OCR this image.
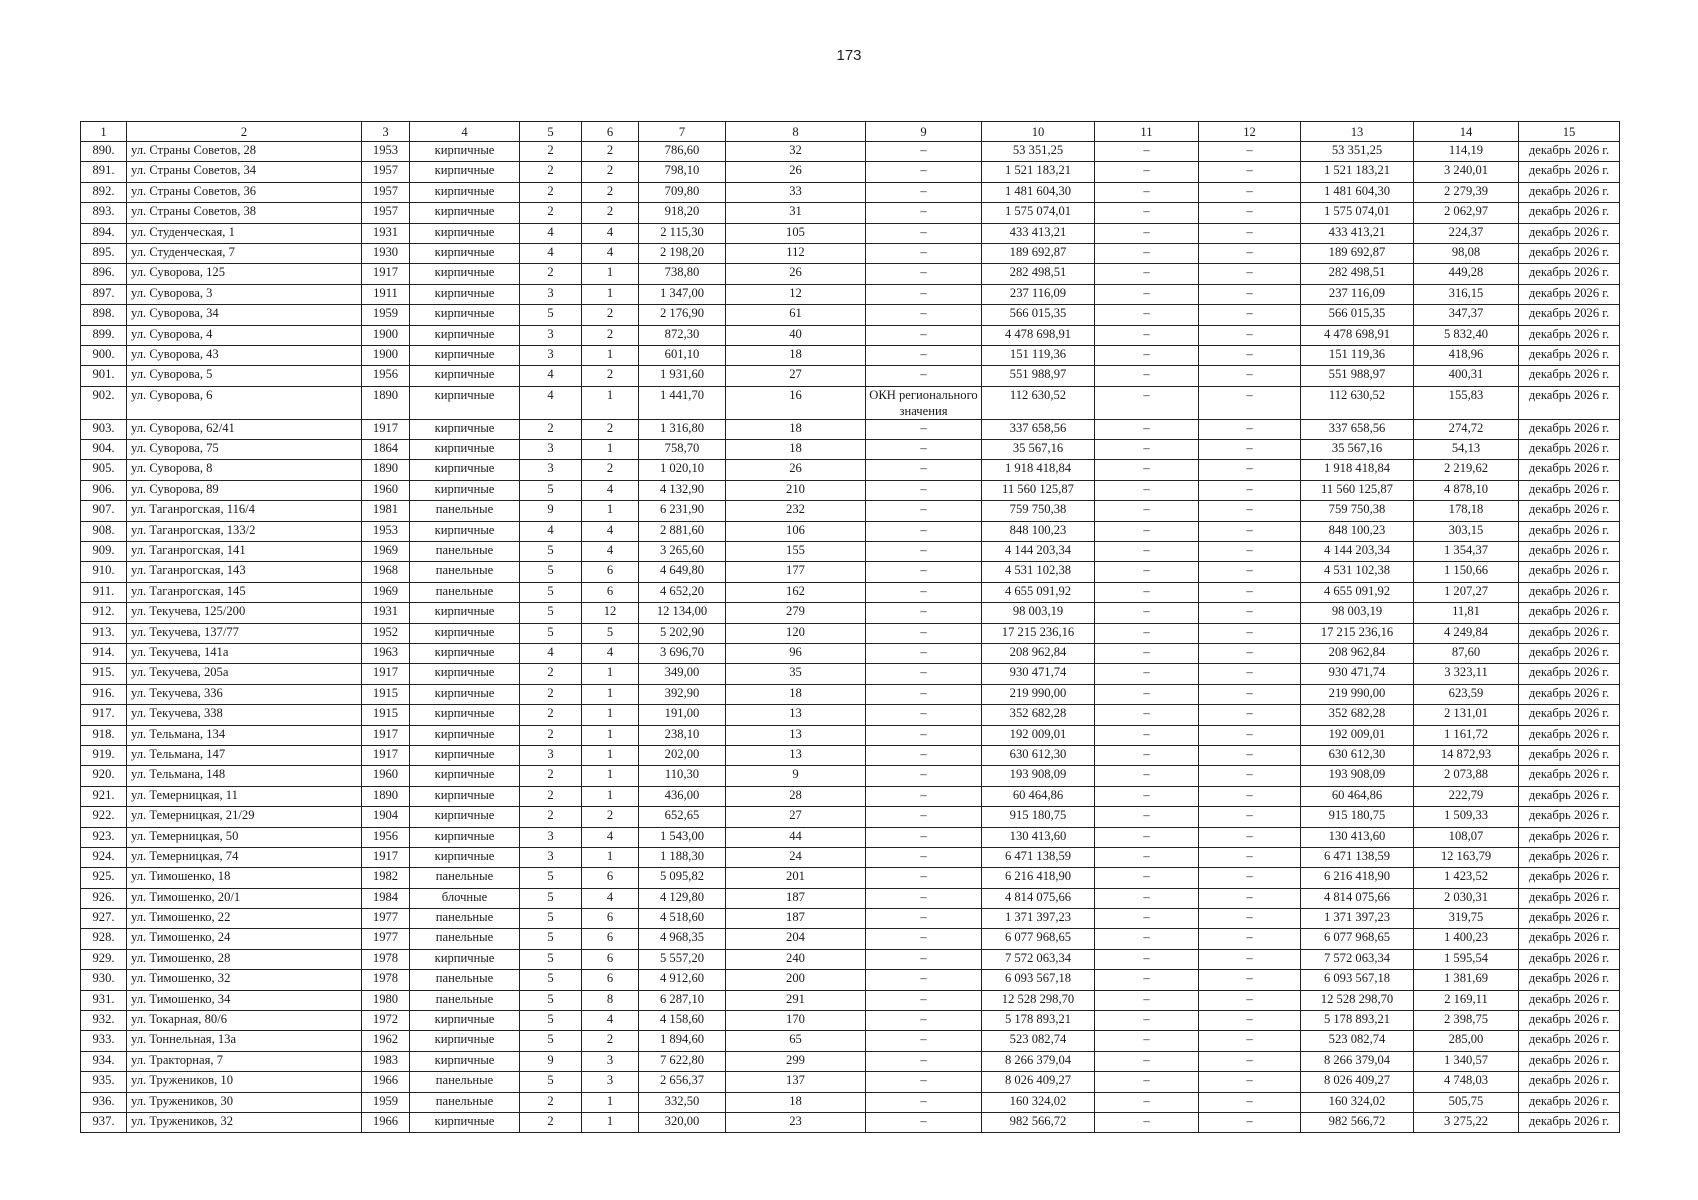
173
1	2	3	4	5	6	7	8	9	10	11	12	13	14	15
890.	ул. Страны Советов, 28	1953	кирпичные	2	2	786,60	32	–	53 351,25	–	–	53 351,25	114,19	декабрь 2026 г.
891.	ул. Страны Советов, 34	1957	кирпичные	2	2	798,10	26	–	1 521 183,21	–	–	1 521 183,21	3 240,01	декабрь 2026 г.
892.	ул. Страны Советов, 36	1957	кирпичные	2	2	709,80	33	–	1 481 604,30	–	–	1 481 604,30	2 279,39	декабрь 2026 г.
893.	ул. Страны Советов, 38	1957	кирпичные	2	2	918,20	31	–	1 575 074,01	–	–	1 575 074,01	2 062,97	декабрь 2026 г.
894.	ул. Студенческая, 1	1931	кирпичные	4	4	2 115,30	105	–	433 413,21	–	–	433 413,21	224,37	декабрь 2026 г.
895.	ул. Студенческая, 7	1930	кирпичные	4	4	2 198,20	112	–	189 692,87	–	–	189 692,87	98,08	декабрь 2026 г.
896.	ул. Суворова, 125	1917	кирпичные	2	1	738,80	26	–	282 498,51	–	–	282 498,51	449,28	декабрь 2026 г.
897.	ул. Суворова, 3	1911	кирпичные	3	1	1 347,00	12	–	237 116,09	–	–	237 116,09	316,15	декабрь 2026 г.
898.	ул. Суворова, 34	1959	кирпичные	5	2	2 176,90	61	–	566 015,35	–	–	566 015,35	347,37	декабрь 2026 г.
899.	ул. Суворова, 4	1900	кирпичные	3	2	872,30	40	–	4 478 698,91	–	–	4 478 698,91	5 832,40	декабрь 2026 г.
900.	ул. Суворова, 43	1900	кирпичные	3	1	601,10	18	–	151 119,36	–	–	151 119,36	418,96	декабрь 2026 г.
901.	ул. Суворова, 5	1956	кирпичные	4	2	1 931,60	27	–	551 988,97	–	–	551 988,97	400,31	декабрь 2026 г.
902.	ул. Суворова, 6	1890	кирпичные	4	1	1 441,70	16	ОКН регионального значения	112 630,52	–	–	112 630,52	155,83	декабрь 2026 г.
903.	ул. Суворова, 62/41	1917	кирпичные	2	2	1 316,80	18	–	337 658,56	–	–	337 658,56	274,72	декабрь 2026 г.
904.	ул. Суворова, 75	1864	кирпичные	3	1	758,70	18	–	35 567,16	–	–	35 567,16	54,13	декабрь 2026 г.
905.	ул. Суворова, 8	1890	кирпичные	3	2	1 020,10	26	–	1 918 418,84	–	–	1 918 418,84	2 219,62	декабрь 2026 г.
906.	ул. Суворова, 89	1960	кирпичные	5	4	4 132,90	210	–	11 560 125,87	–	–	11 560 125,87	4 878,10	декабрь 2026 г.
907.	ул. Таганрогская, 116/4	1981	панельные	9	1	6 231,90	232	–	759 750,38	–	–	759 750,38	178,18	декабрь 2026 г.
908.	ул. Таганрогская, 133/2	1953	кирпичные	4	4	2 881,60	106	–	848 100,23	–	–	848 100,23	303,15	декабрь 2026 г.
909.	ул. Таганрогская, 141	1969	панельные	5	4	3 265,60	155	–	4 144 203,34	–	–	4 144 203,34	1 354,37	декабрь 2026 г.
910.	ул. Таганрогская, 143	1968	панельные	5	6	4 649,80	177	–	4 531 102,38	–	–	4 531 102,38	1 150,66	декабрь 2026 г.
911.	ул. Таганрогская, 145	1969	панельные	5	6	4 652,20	162	–	4 655 091,92	–	–	4 655 091,92	1 207,27	декабрь 2026 г.
912.	ул. Текучева, 125/200	1931	кирпичные	5	12	12 134,00	279	–	98 003,19	–	–	98 003,19	11,81	декабрь 2026 г.
913.	ул. Текучева, 137/77	1952	кирпичные	5	5	5 202,90	120	–	17 215 236,16	–	–	17 215 236,16	4 249,84	декабрь 2026 г.
914.	ул. Текучева, 141а	1963	кирпичные	4	4	3 696,70	96	–	208 962,84	–	–	208 962,84	87,60	декабрь 2026 г.
915.	ул. Текучева, 205а	1917	кирпичные	2	1	349,00	35	–	930 471,74	–	–	930 471,74	3 323,11	декабрь 2026 г.
916.	ул. Текучева, 336	1915	кирпичные	2	1	392,90	18	–	219 990,00	–	–	219 990,00	623,59	декабрь 2026 г.
917.	ул. Текучева, 338	1915	кирпичные	2	1	191,00	13	–	352 682,28	–	–	352 682,28	2 131,01	декабрь 2026 г.
918.	ул. Тельмана, 134	1917	кирпичные	2	1	238,10	13	–	192 009,01	–	–	192 009,01	1 161,72	декабрь 2026 г.
919.	ул. Тельмана, 147	1917	кирпичные	3	1	202,00	13	–	630 612,30	–	–	630 612,30	14 872,93	декабрь 2026 г.
920.	ул. Тельмана, 148	1960	кирпичные	2	1	110,30	9	–	193 908,09	–	–	193 908,09	2 073,88	декабрь 2026 г.
921.	ул. Темерницкая, 11	1890	кирпичные	2	1	436,00	28	–	60 464,86	–	–	60 464,86	222,79	декабрь 2026 г.
922.	ул. Темерницкая, 21/29	1904	кирпичные	2	2	652,65	27	–	915 180,75	–	–	915 180,75	1 509,33	декабрь 2026 г.
923.	ул. Темерницкая, 50	1956	кирпичные	3	4	1 543,00	44	–	130 413,60	–	–	130 413,60	108,07	декабрь 2026 г.
924.	ул. Темерницкая, 74	1917	кирпичные	3	1	1 188,30	24	–	6 471 138,59	–	–	6 471 138,59	12 163,79	декабрь 2026 г.
925.	ул. Тимошенко, 18	1982	панельные	5	6	5 095,82	201	–	6 216 418,90	–	–	6 216 418,90	1 423,52	декабрь 2026 г.
926.	ул. Тимошенко, 20/1	1984	блочные	5	4	4 129,80	187	–	4 814 075,66	–	–	4 814 075,66	2 030,31	декабрь 2026 г.
927.	ул. Тимошенко, 22	1977	панельные	5	6	4 518,60	187	–	1 371 397,23	–	–	1 371 397,23	319,75	декабрь 2026 г.
928.	ул. Тимошенко, 24	1977	панельные	5	6	4 968,35	204	–	6 077 968,65	–	–	6 077 968,65	1 400,23	декабрь 2026 г.
929.	ул. Тимошенко, 28	1978	кирпичные	5	6	5 557,20	240	–	7 572 063,34	–	–	7 572 063,34	1 595,54	декабрь 2026 г.
930.	ул. Тимошенко, 32	1978	панельные	5	6	4 912,60	200	–	6 093 567,18	–	–	6 093 567,18	1 381,69	декабрь 2026 г.
931.	ул. Тимошенко, 34	1980	панельные	5	8	6 287,10	291	–	12 528 298,70	–	–	12 528 298,70	2 169,11	декабрь 2026 г.
932.	ул. Токарная, 80/6	1972	кирпичные	5	4	4 158,60	170	–	5 178 893,21	–	–	5 178 893,21	2 398,75	декабрь 2026 г.
933.	ул. Тоннельная, 13а	1962	кирпичные	5	2	1 894,60	65	–	523 082,74	–	–	523 082,74	285,00	декабрь 2026 г.
934.	ул. Тракторная, 7	1983	кирпичные	9	3	7 622,80	299	–	8 266 379,04	–	–	8 266 379,04	1 340,57	декабрь 2026 г.
935.	ул. Тружеников, 10	1966	панельные	5	3	2 656,37	137	–	8 026 409,27	–	–	8 026 409,27	4 748,03	декабрь 2026 г.
936.	ул. Тружеников, 30	1959	панельные	2	1	332,50	18	–	160 324,02	–	–	160 324,02	505,75	декабрь 2026 г.
937.	ул. Тружеников, 32	1966	кирпичные	2	1	320,00	23	–	982 566,72	–	–	982 566,72	3 275,22	декабрь 2026 г.
